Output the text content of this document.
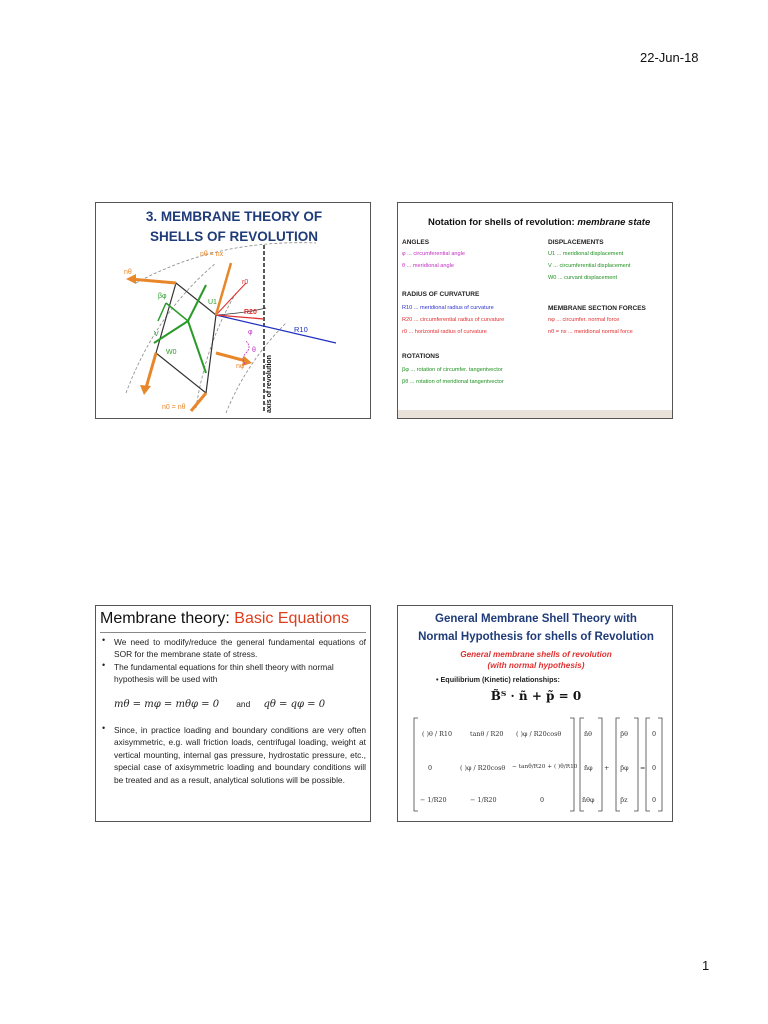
22-Jun-18
3. MEMBRANE THEORY OF
SHELLS OF REVOLUTION
nθ = nx
r0
nθ
βφ
U1
R20
R10
V
W0
nφ
φ
θ
axis of revolution
n0 = nθ
Notation for shells of revolution: membrane state
ANGLES
φ ... circumferential angle
θ ... meridional angle
RADIUS OF CURVATURE
R10 ... meridional radius of curvature
R20 ... circumferential radius of curvature
r0 ... horizontal radius of curvature
ROTATIONS
βφ ... rotation of circumfer. tangentvector
βθ ... rotation of meridional tangentvector
DISPLACEMENTS
U1 ... meridional displacement
V ... circumferential displacement
W0 ... curvant displacement
MEMBRANE SECTION FORCES
nφ ... circumfer. normal force
nθ = nx ... meridional normal force
Membrane theory: Basic Equations
• We need to modify/reduce the general fundamental equations of SOR for the membrane state of stress.
• The fundamental equations for thin shell theory with normal hypothesis will be used with
mθ = mφ = mθφ = 0 and qθ = qφ = 0
• Since, in practice loading and boundary conditions are very often axisymmetric, e.g. wall friction loads, centrifugal loading, weight at vertical mounting, internal gas pressure, hydrostatic pressure, etc., special case of axisymmetric loading and boundary conditions will be treated and as a result, analytical solutions will be possible.
General Membrane Shell Theory with
Normal Hypothesis for shells of Revolution
General membrane shells of revolution
(with normal hypothesis)
• Equilibrium (Kinetic) relationships:
B̃ᵀ · ñ + p̃ = 0
( )θ / R10	tanθ / R20 ( )φ / R20cosθ
0	( )φ / R20cosθ − tanθ/R20 + ( )θ/R10
− 1/R20	− 1/R20	0
ñθ
ñφ
ñθφ
+
p̃θ
p̃φ
p̃z
=
0
0
0
1
